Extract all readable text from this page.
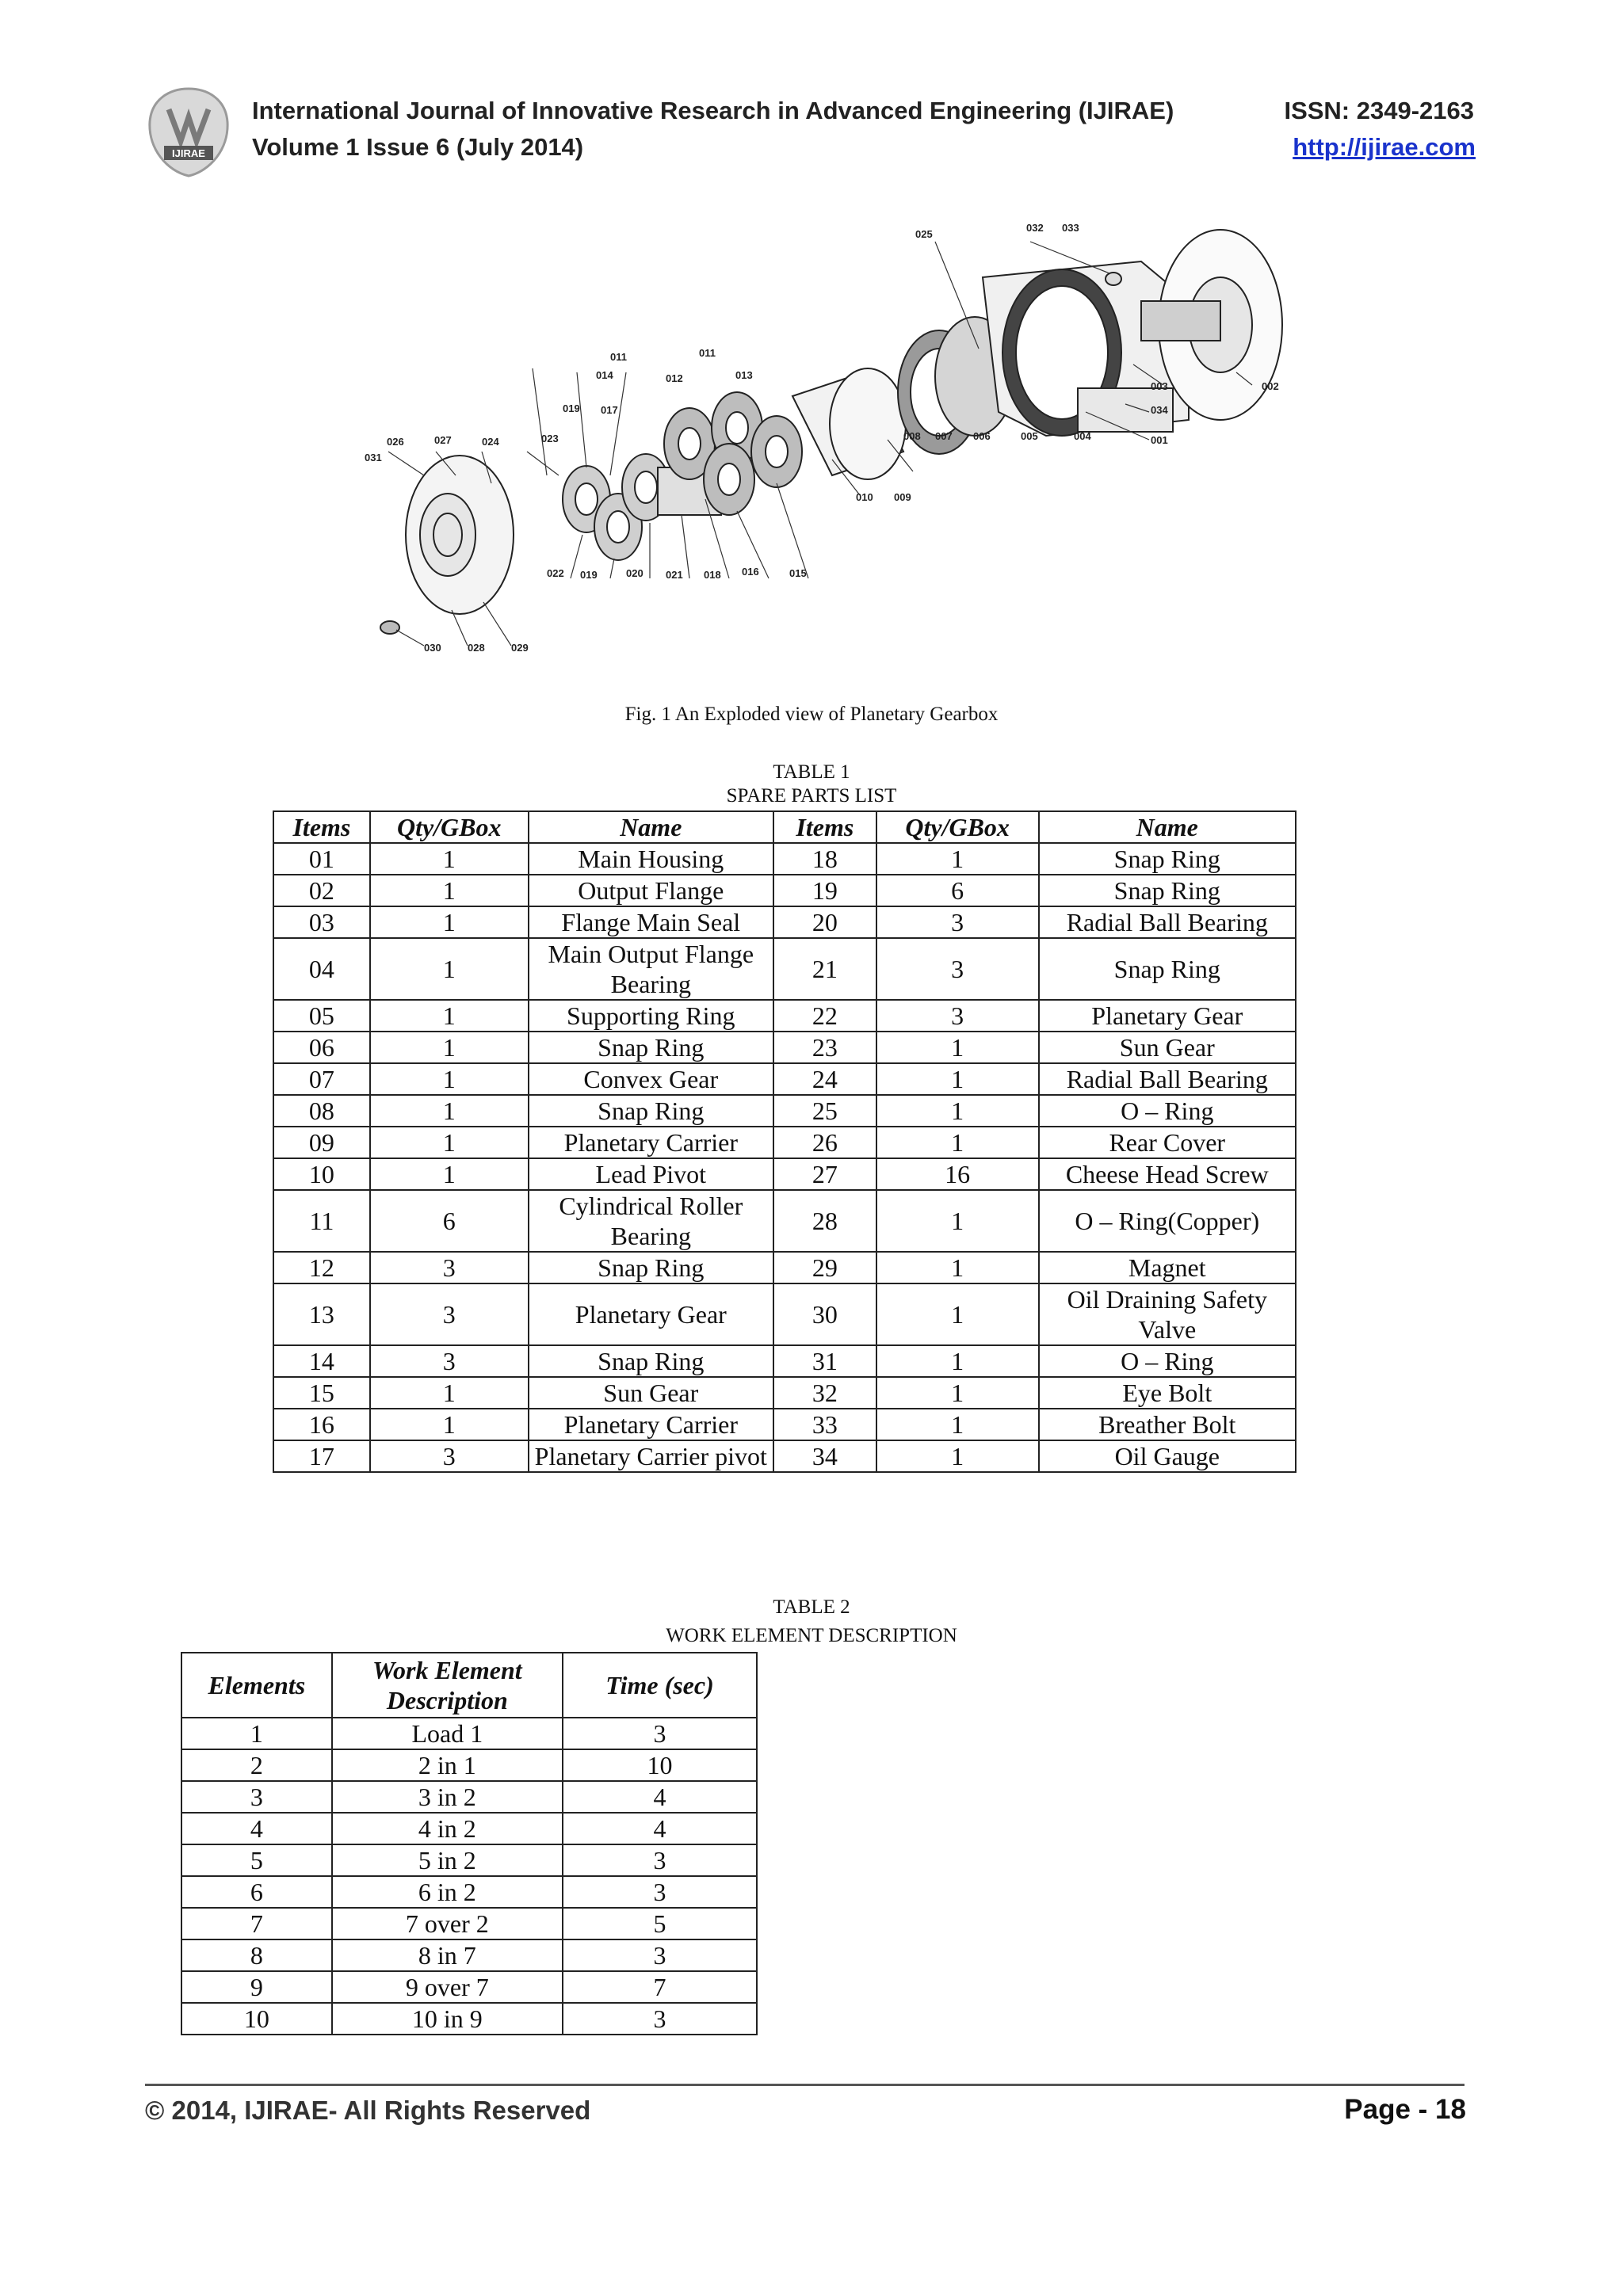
IJIRAE
International Journal of Innovative Research in Advanced Engineering (IJIRAE)
Volume 1 Issue 6 (July 2014)
ISSN: 2349-2163
http://ijirae.com
025
032 033
011	011
014	012	013
019 017
026	027	024	023
031
003	002
034
001
008 007 006	005	004
010 009
022 019	020 021 018 016	015
030	028	029
Fig. 1 An Exploded view of Planetary Gearbox
TABLE 1
SPARE PARTS LIST
Items	Qty/GBox	Name	Items	Qty/GBox	Name
01	1	Main Housing	18	1	Snap Ring
02	1	Output Flange	19	6	Snap Ring
03	1	Flange Main Seal	20	3	Radial Ball Bearing
04	1	Main Output Flange Bearing	21	3	Snap Ring
05	1	Supporting Ring	22	3	Planetary Gear
06	1	Snap Ring	23	1	Sun Gear
07	1	Convex Gear	24	1	Radial Ball Bearing
08	1	Snap Ring	25	1	O – Ring
09	1	Planetary Carrier	26	1	Rear Cover
10	1	Lead Pivot	27	16	Cheese Head Screw
11	6	Cylindrical Roller Bearing	28	1	O – Ring(Copper)
12	3	Snap Ring	29	1	Magnet
13	3	Planetary Gear	30	1	Oil Draining Safety Valve
14	3	Snap Ring	31	1	O – Ring
15	1	Sun Gear	32	1	Eye Bolt
16	1	Planetary Carrier	33	1	Breather Bolt
17	3	Planetary Carrier pivot	34	1	Oil Gauge
TABLE 2
WORK ELEMENT DESCRIPTION
Elements	Work Element Description	Time (sec)
1	Load 1	3
2	2 in 1	10
3	3 in 2	4
4	4 in 2	4
5	5 in 2	3
6	6 in 2	3
7	7 over 2	5
8	8 in 7	3
9	9 over 7	7
10	10 in 9	3
© 2014, IJIRAE- All Rights Reserved	Page - 18
